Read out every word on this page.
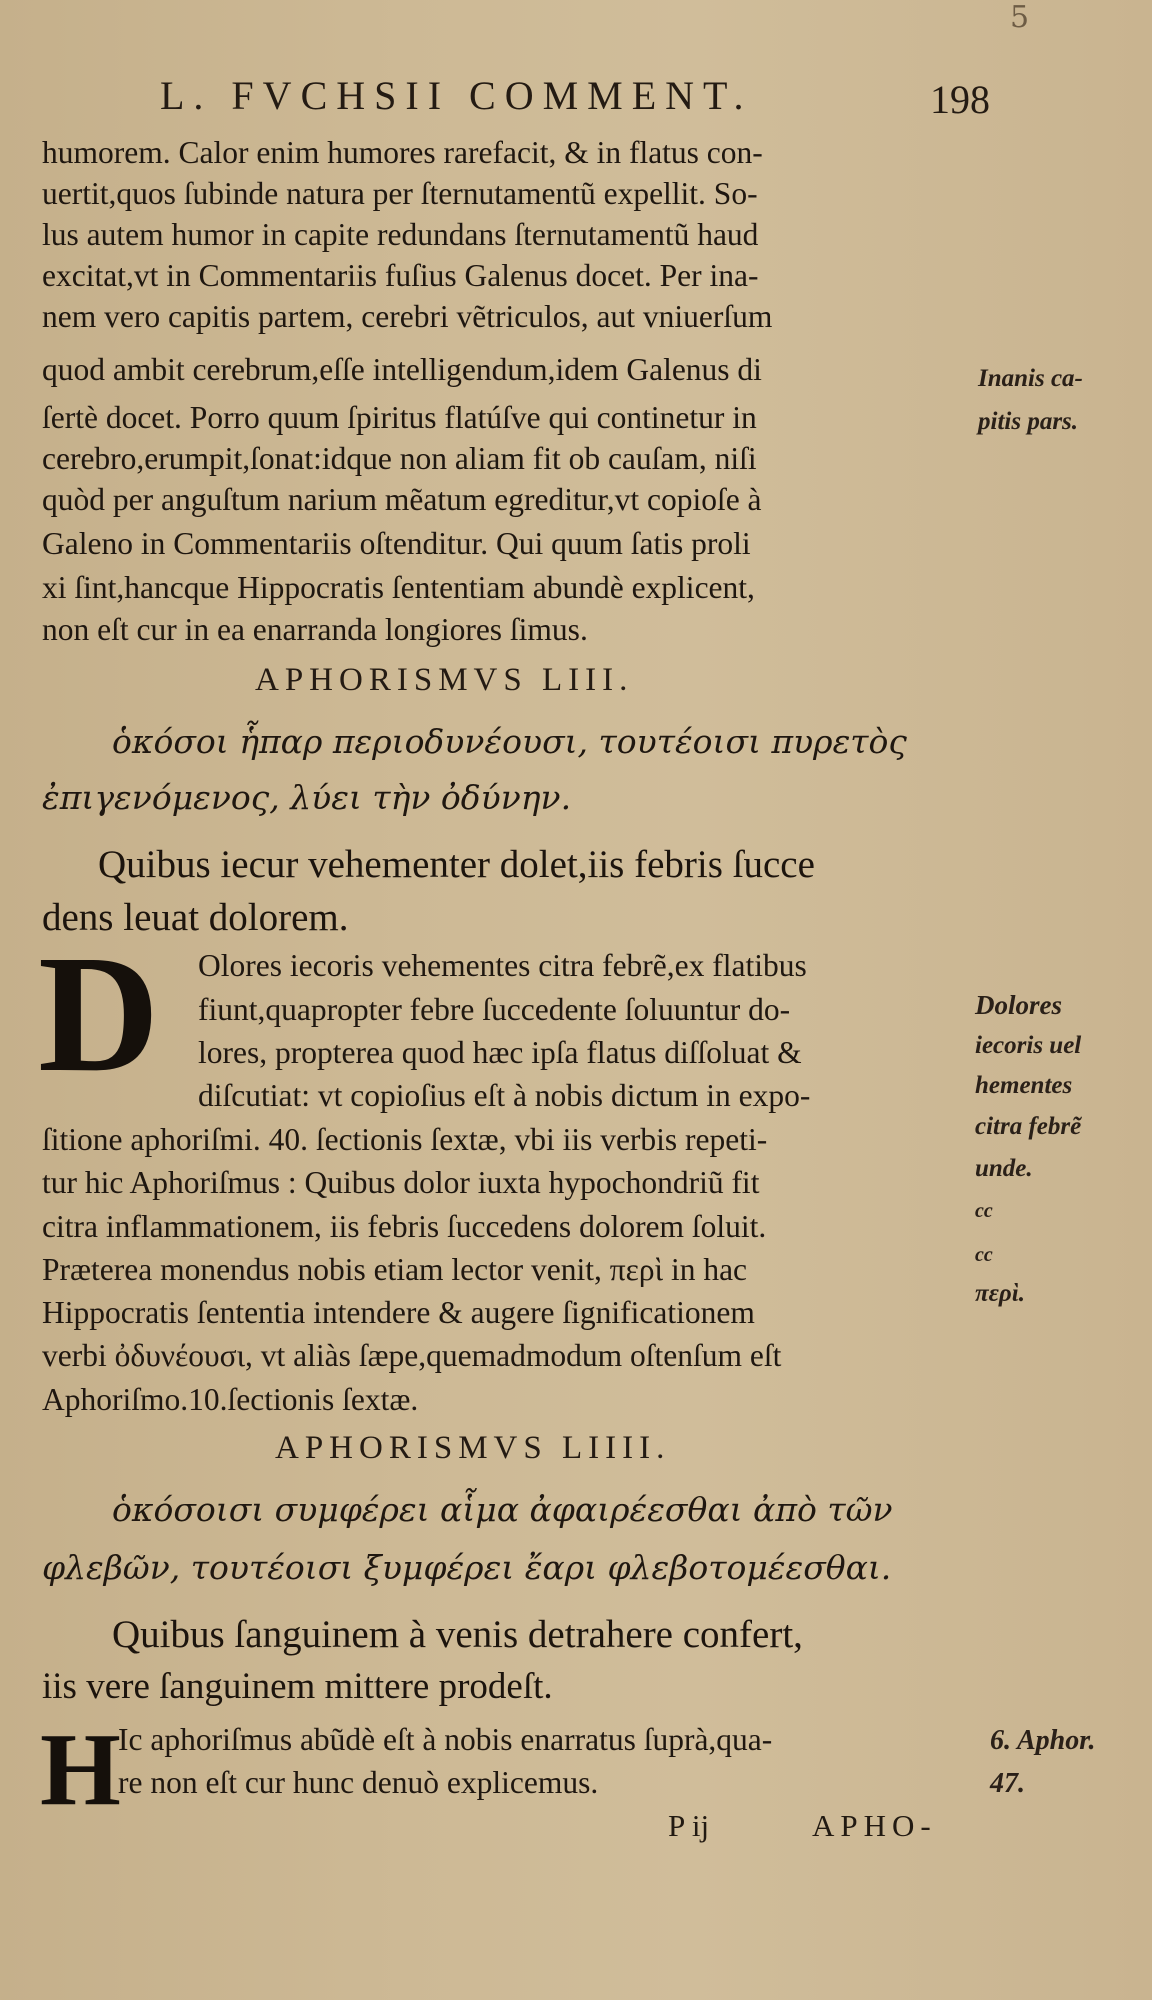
5
L. FVCHSII COMMENT.	198
humorem. Calor enim humores rarefacit, & in flatus con-
uertit,quos ſubinde natura per ſternutamentũ expellit. So-
lus autem humor in capite redundans ſternutamentũ haud
excitat,vt in Commentariis fuſius Galenus docet. Per ina-
nem vero capitis partem, cerebri vẽtriculos, aut vniuerſum
quod ambit cerebrum,eſſe intelligendum,idem Galenus di
ſertè docet. Porro quum ſpiritus flatúſve qui continetur in
cerebro,erumpit,ſonat:idque non aliam fit ob cauſam, niſi
quòd per anguſtum narium mẽatum egreditur,vt copioſe à
Galeno in Commentariis oſtenditur. Qui quum ſatis proli
xi ſint,hancque Hippocratis ſententiam abundè explicent,
non eſt cur in ea enarranda longiores ſimus.
Inanis ca-
pitis pars.
APHORISMVS LIII.
ὁκόσοι ἧπαρ περιοδυνέουσι, τουτέοισι πυρετὸς
ἐπιγενόμενος, λύει τὴν ὀδύνην.
Quibus iecur vehementer dolet,iis febris ſucce
dens leuat dolorem.
D Olores iecoris vehementes citra febrẽ,ex flatibus
fiunt,quapropter febre ſuccedente ſoluuntur do-
lores, propterea quod hæc ipſa flatus diſſoluat &
diſcutiat: vt copioſius eſt à nobis dictum in expo-
ſitione aphoriſmi. 40. ſectionis ſextæ, vbi iis verbis repeti-
tur hic Aphoriſmus : Quibus dolor iuxta hypochondriũ fit
citra inflammationem, iis febris ſuccedens dolorem ſoluit.
Præterea monendus nobis etiam lector venit, περὶ in hac
Hippocratis ſententia intendere & augere ſignificationem
verbi ὀδυνέουσι, vt aliàs ſæpe,quemadmodum oſtenſum eſt
Aphoriſmo.10.ſectionis ſextæ.
Dolores
iecoris uel
hementes
citra febrẽ
unde.
cc
cc
περὶ.
APHORISMVS LIIII.
ὁκόσοισι συμφέρει αἷμα ἀφαιρέεσθαι ἀπὸ τῶν
φλεβῶν, τουτέοισι ξυμφέρει ἔαρι φλεβοτομέεσθαι.
Quibus ſanguinem à venis detrahere confert,
iis vere ſanguinem mittere prodeſt.
H
Ic aphoriſmus abũdè eſt à nobis enarratus ſuprà,qua-
re non eſt cur hunc denuò explicemus.
6. Aphor.
47.
P ij	APHO-
